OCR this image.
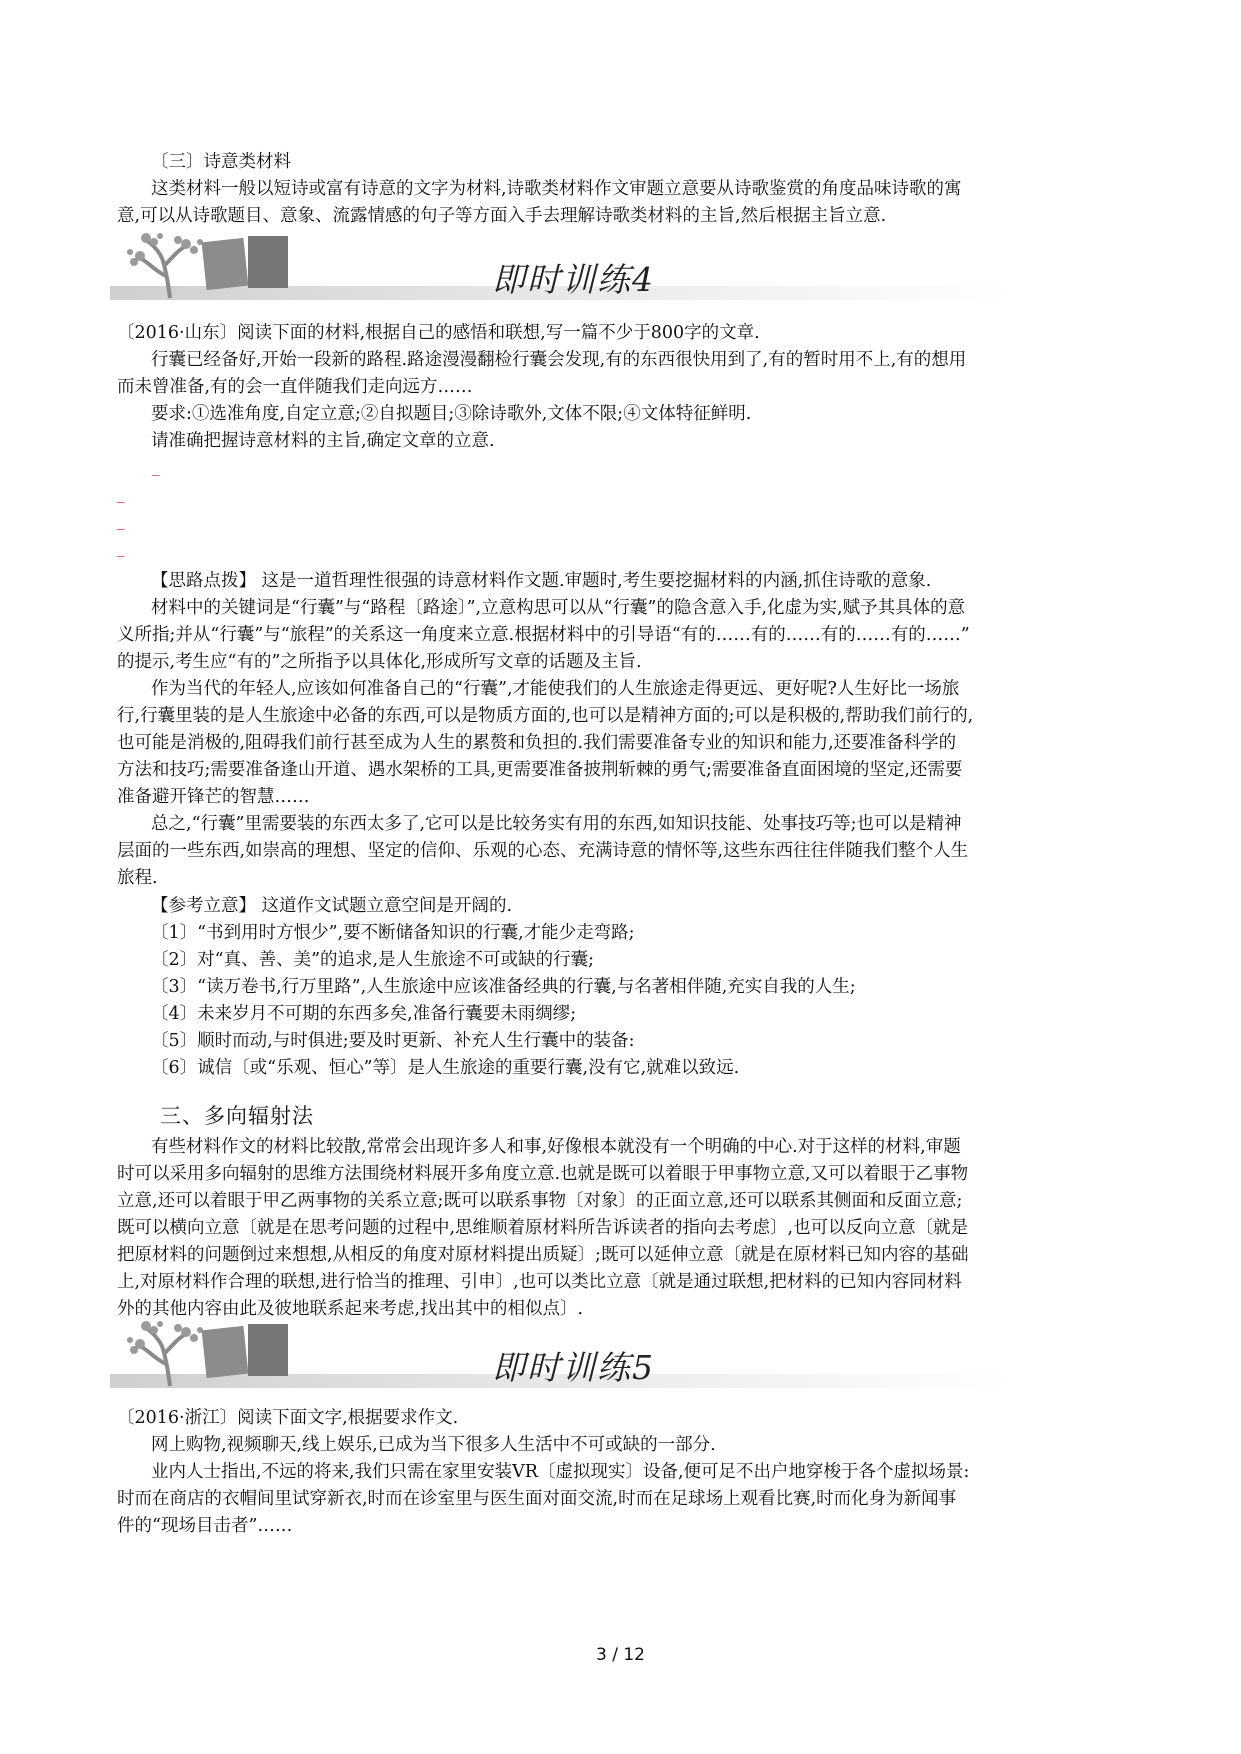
〔三〕诗意类材料
这类材料一般以短诗或富有诗意的文字为材料,诗歌类材料作文审题立意要从诗歌鉴赏的角度品味诗歌的寓
意,可以从诗歌题目、意象、流露情感的句子等方面入手去理解诗歌类材料的主旨,然后根据主旨立意.
即时训练4
〔2016·山东〕阅读下面的材料,根据自己的感悟和联想,写一篇不少于800字的文章.
行囊已经备好,开始一段新的路程.路途漫漫翻检行囊会发现,有的东西很快用到了,有的暂时用不上,有的想用
而未曾准备,有的会一直伴随我们走向远方……
要求:①选准角度,自定立意;②自拟题目;③除诗歌外,文体不限;④文体特征鲜明.
请准确把握诗意材料的主旨,确定文章的立意.
_
_
_
_
【思路点拨】 这是一道哲理性很强的诗意材料作文题.审题时,考生要挖掘材料的内涵,抓住诗歌的意象.
材料中的关键词是“行囊”与“路程〔路途〕”,立意构思可以从“行囊”的隐含意入手,化虚为实,赋予其具体的意
义所指;并从“行囊”与“旅程”的关系这一角度来立意.根据材料中的引导语“有的……有的……有的……有的……”
的提示,考生应“有的”之所指予以具体化,形成所写文章的话题及主旨.
作为当代的年轻人,应该如何准备自己的“行囊”,才能使我们的人生旅途走得更远、更好呢?人生好比一场旅
行,行囊里装的是人生旅途中必备的东西,可以是物质方面的,也可以是精神方面的;可以是积极的,帮助我们前行的,
也可能是消极的,阻碍我们前行甚至成为人生的累赘和负担的.我们需要准备专业的知识和能力,还要准备科学的
方法和技巧;需要准备逢山开道、遇水架桥的工具,更需要准备披荆斩棘的勇气;需要准备直面困境的坚定,还需要
准备避开锋芒的智慧……
总之,“行囊”里需要装的东西太多了,它可以是比较务实有用的东西,如知识技能、处事技巧等;也可以是精神
层面的一些东西,如崇高的理想、坚定的信仰、乐观的心态、充满诗意的情怀等,这些东西往往伴随我们整个人生
旅程.
【参考立意】 这道作文试题立意空间是开阔的.
〔1〕“书到用时方恨少”,要不断储备知识的行囊,才能少走弯路;
〔2〕对“真、善、美”的追求,是人生旅途不可或缺的行囊;
〔3〕“读万卷书,行万里路”,人生旅途中应该准备经典的行囊,与名著相伴随,充实自我的人生;
〔4〕未来岁月不可期的东西多矣,准备行囊要未雨绸缪;
〔5〕顺时而动,与时俱进;要及时更新、补充人生行囊中的装备:
〔6〕诚信〔或“乐观、恒心”等〕是人生旅途的重要行囊,没有它,就难以致远.
三、多向辐射法
有些材料作文的材料比较散,常常会出现许多人和事,好像根本就没有一个明确的中心.对于这样的材料,审题
时可以采用多向辐射的思维方法围绕材料展开多角度立意.也就是既可以着眼于甲事物立意,又可以着眼于乙事物
立意,还可以着眼于甲乙两事物的关系立意;既可以联系事物〔对象〕的正面立意,还可以联系其侧面和反面立意;
既可以横向立意〔就是在思考问题的过程中,思维顺着原材料所告诉读者的指向去考虑〕,也可以反向立意〔就是
把原材料的问题倒过来想想,从相反的角度对原材料提出质疑〕;既可以延伸立意〔就是在原材料已知内容的基础
上,对原材料作合理的联想,进行恰当的推理、引申〕,也可以类比立意〔就是通过联想,把材料的已知内容同材料
外的其他内容由此及彼地联系起来考虑,找出其中的相似点〕.
即时训练5
〔2016·浙江〕阅读下面文字,根据要求作文.
网上购物,视频聊天,线上娱乐,已成为当下很多人生活中不可或缺的一部分.
业内人士指出,不远的将来,我们只需在家里安装VR〔虚拟现实〕设备,便可足不出户地穿梭于各个虚拟场景:
时而在商店的衣帽间里试穿新衣,时而在诊室里与医生面对面交流,时而在足球场上观看比赛,时而化身为新闻事
件的“现场目击者”……
3 / 12
